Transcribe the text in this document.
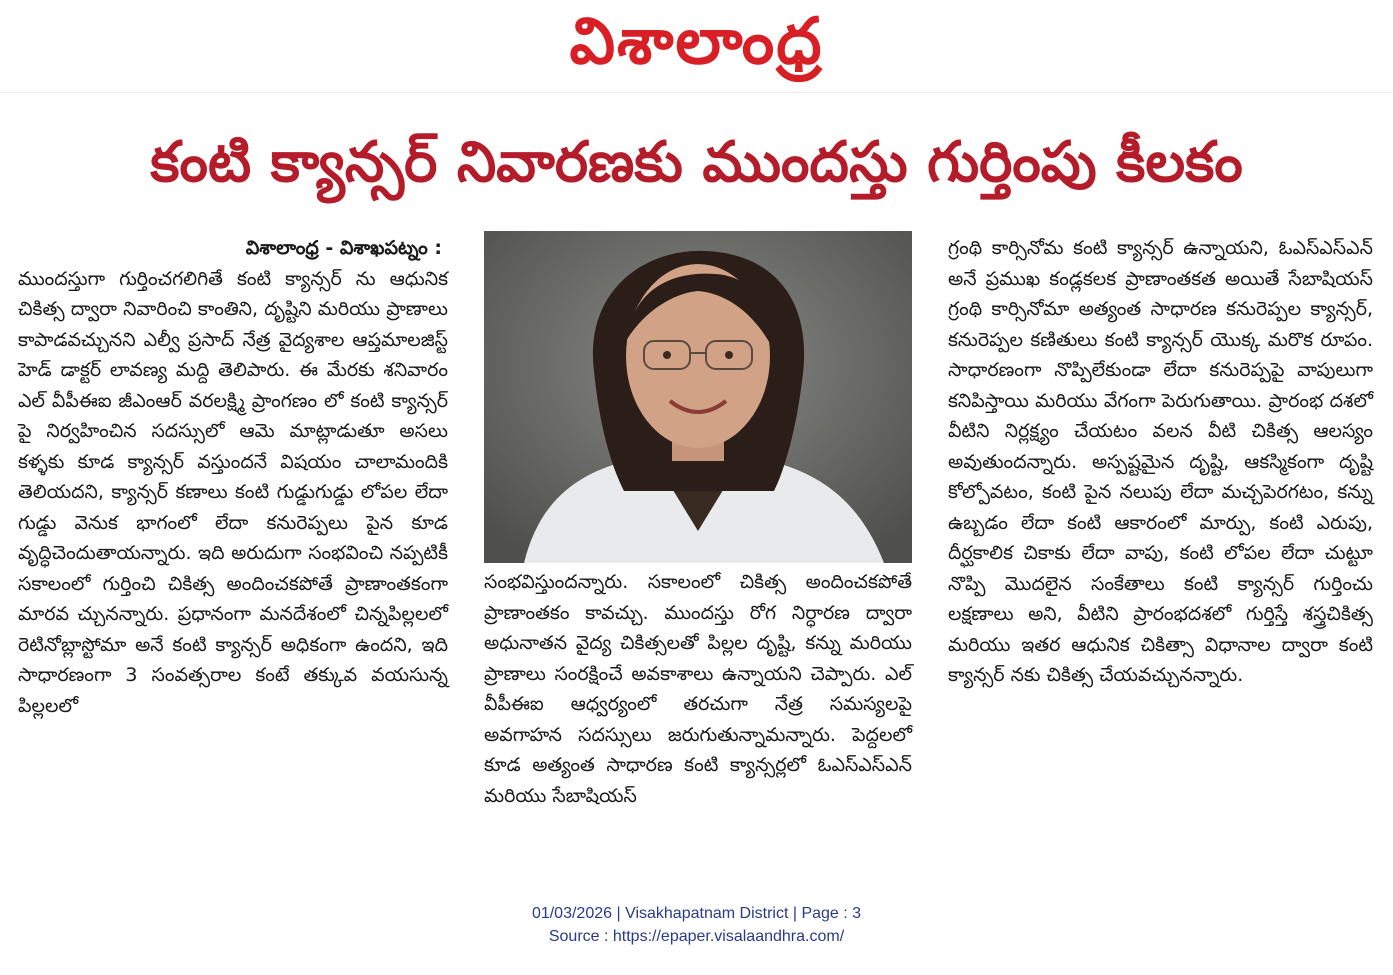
విశాలాంధ్ర
కంటి క్యాన్సర్ నివారణకు ముందస్తు గుర్తింపు కీలకం
విశాలాంధ్ర - విశాఖపట్నం :

ముందస్తుగా గుర్తించగలిగితే కంటి క్యాన్సర్ ను ఆధునిక చికిత్స ద్వారా నివారించి కాంతిని, దృష్టిని మరియు ప్రాణాలు కాపాడవచ్చునని ఎల్వీ ప్రసాద్ నేత్ర వైద్యశాల ఆప్తమాలజిస్ట్ హెడ్ డాక్టర్ లావణ్య మద్ది తెలిపారు. ఈ మేరకు శనివారం ఎల్ వీపీఈఐ జీఎంఆర్ వరలక్ష్మి ప్రాంగణం లో కంటి క్యాన్సర్ పై నిర్వహించిన సదస్సులో ఆమె మాట్లాడుతూ అసలు కళ్ళకు కూడ క్యాన్సర్ వస్తుందనే విషయం చాలామందికి తెలియదని, క్యాన్సర్ కణాలు కంటి గుడ్డుగుడ్డు లోపల లేదా గుడ్డు వెనుక భాగంలో లేదా కనురెప్పలు పైన కూడ వృద్ధిచెందుతాయన్నారు. ఇది అరుదుగా సంభవించి నప్పటికీ సకాలంలో గుర్తించి చికిత్స అందించకపోతే ప్రాణాంతకంగా మారవ చ్చునన్నారు. ప్రధానంగా మనదేశంలో చిన్నపిల్లలలో రెటినోబ్లాస్టోమా అనే కంటి క్యాన్సర్ అధికంగా ఉందని, ఇది సాధారణంగా 3 సంవత్సరాల కంటే తక్కువ వయసున్న పిల్లలలో

సంభవిస్తుందన్నారు. సకాలంలో చికిత్స అందించకపోతే ప్రాణాంతకం కావచ్చు. ముందస్తు రోగ నిర్ధారణ ద్వారా అధునాతన వైద్య చికిత్సలతో పిల్లల దృష్టి, కన్ను మరియు ప్రాణాలు సంరక్షించే అవకాశాలు ఉన్నాయని చెప్పారు. ఎల్ వీపీఈఐ ఆధ్వర్యంలో తరచుగా నేత్ర సమస్యలపై అవగాహన సదస్సులు జరుగుతున్నామన్నారు. పెద్దలలో కూడ అత్యంత సాధారణ కంటి క్యాన్సర్లలో ఓఎస్ఎస్ఎన్ మరియు సేబాషియస్

గ్రంథి కార్సినోమ కంటి క్యాన్సర్ ఉన్నాయని, ఓఎస్ఎస్ఎన్ అనే ప్రముఖ కండ్లకలక ప్రాణాంతకత అయితే సేబాషియస్ గ్రంథి కార్సినోమా అత్యంత సాధారణ కనురెప్పల క్యాన్సర్, కనురెప్పల కణితులు కంటి క్యాన్సర్ యొక్క మరొక రూపం. సాధారణంగా నొప్పిలేకుండా లేదా కనురెప్పపై వాపులుగా కనిపిస్తాయి మరియు వేగంగా పెరుగుతాయి. ప్రారంభ దశలో వీటిని నిర్లక్ష్యం చేయటం వలన వీటి చికిత్స ఆలస్యం అవుతుందన్నారు. అస్పష్టమైన దృష్టి, ఆకస్మికంగా దృష్టి కోల్పోవటం, కంటి పైన నలుపు లేదా మచ్చపెరగటం, కన్ను ఉబ్బడం లేదా కంటి ఆకారంలో మార్పు, కంటి ఎరుపు, దీర్ఘకాలిక చికాకు లేదా వాపు, కంటి లోపల లేదా చుట్టూ నొప్పి మొదలైన సంకేతాలు కంటి క్యాన్సర్ గుర్తించు లక్షణాలు అని, వీటిని ప్రారంభదశలో గుర్తిస్తే శస్త్రచికిత్స మరియు ఇతర ఆధునిక చికిత్సా విధానాల ద్వారా కంటి క్యాన్సర్ నకు చికిత్స చేయవచ్చునన్నారు.

01/03/2026 | Visakhapatnam District | Page : 3
Source : https://epaper.visalaandhra.com/
